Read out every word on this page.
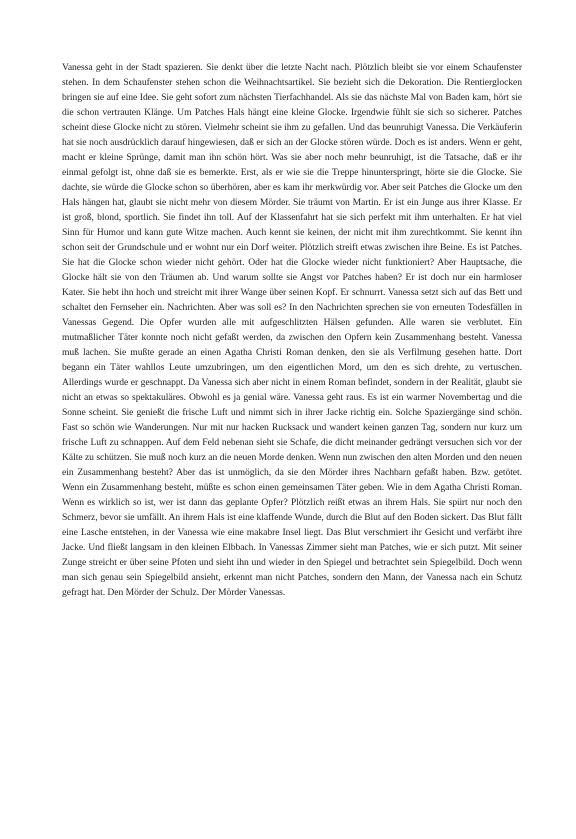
Vanessa geht in der Stadt spazieren. Sie denkt über die letzte Nacht nach. Plötzlich bleibt sie vor einem Schaufenster stehen. In dem Schaufenster stehen schon die Weihnachtsartikel. Sie bezieht sich die Dekoration. Die Rentierglocken bringen sie auf eine Idee. Sie geht sofort zum nächsten Tierfachhandel. Als sie das nächste Mal von Baden kam, hört sie die schon vertrauten Klänge. Um Patches Hals hängt eine kleine Glocke. Irgendwie fühlt sie sich so sicherer. Patches scheint diese Glocke nicht zu stören. Vielmehr scheint sie ihm zu gefallen. Und das beunruhigt Vanessa. Die Verkäuferin hat sie noch ausdrücklich darauf hingewiesen, daß er sich an der Glocke stören würde. Doch es ist anders. Wenn er geht, macht er kleine Sprünge, damit man ihn schön hört. Was sie aber noch mehr beunruhigt, ist die Tatsache, daß er ihr einmal gefolgt ist, ohne daß sie es bemerkte. Erst, als er wie sie die Treppe hinunterspringt, hörte sie die Glocke. Sie dachte, sie würde die Glocke schon so überhören, aber es kam ihr merkwürdig vor. Aber seit Patches die Glocke um den Hals hängen hat, glaubt sie nicht mehr von diesem Mörder. Sie träumt von Martin. Er ist ein Junge aus ihrer Klasse. Er ist groß, blond, sportlich. Sie findet ihn toll. Auf der Klassenfahrt hat sie sich perfekt mit ihm unterhalten. Er hat viel Sinn für Humor und kann gute Witze machen. Auch kennt sie keinen, der nicht mit ihm zurechtkommt. Sie kennt ihn schon seit der Grundschule und er wohnt nur ein Dorf weiter. Plötzlich streift etwas zwischen ihre Beine. Es ist Patches. Sie hat die Glocke schon wieder nicht gehört. Oder hat die Glocke wieder nicht funktioniert? Aber Hauptsache, die Glocke hält sie von den Träumen ab. Und warum sollte sie Angst vor Patches haben? Er ist doch nur ein harmloser Kater. Sie hebt ihn hoch und streicht mit ihrer Wange über seinen Kopf. Er schnurrt. Vanessa setzt sich auf das Bett und schaltet den Fernseher ein. Nachrichten. Aber was soll es? In den Nachrichten sprechen sie von erneuten Todesfällen in Vanessas Gegend. Die Opfer wurden alle mit aufgeschlitzten Hälsen gefunden. Alle waren sie verblutet. Ein mutmaßlicher Täter konnte noch nicht gefaßt werden, da zwischen den Opfern kein Zusammenhang besteht. Vanessa muß lachen. Sie mußte gerade an einen Agatha Christi Roman denken, den sie als Verfilmung gesehen hatte. Dort begann ein Täter wahllos Leute umzubringen, um den eigentlichen Mord, um den es sich drehte, zu vertuschen. Allerdings wurde er geschnappt. Da Vanessa sich aber nicht in einem Roman befindet, sondern in der Realität, glaubt sie nicht an etwas so spektakuläres. Obwohl es ja genial wäre. Vanessa geht raus. Es ist ein warmer Novembertag und die Sonne scheint. Sie genießt die frische Luft und nimmt sich in ihrer Jacke richtig ein. Solche Spaziergänge sind schön. Fast so schön wie Wanderungen. Nur mit nur hacken Rucksack und wandert keinen ganzen Tag, sondern nur kurz um frische Luft zu schnappen. Auf dem Feld nebenan sieht sie Schafe, die dicht meinander gedrängt versuchen sich vor der Kälte zu schützen. Sie muß noch kurz an die neuen Morde denken. Wenn nun zwischen den alten Morden und den neuen ein Zusammenhang besteht? Aber das ist unmöglich, da sie den Mörder ihres Nachbarn gefaßt haben. Bzw. getötet. Wenn ein Zusammenhang besteht, müßte es schon einen gemeinsamen Täter geben. Wie in dem Agatha Christi Roman. Wenn es wirklich so ist, wer ist dann das geplante Opfer? Plötzlich reißt etwas an ihrem Hals. Sie spürt nur noch den Schmerz, bevor sie umfällt. An ihrem Hals ist eine klaffende Wunde, durch die Blut auf den Boden sickert. Das Blut fällt eine Lasche entstehen, in der Vanessa wie eine makabre Insel liegt. Das Blut verschmiert ihr Gesicht und verfärbt ihre Jacke. Und fließt langsam in den kleinen Elbbach. In Vanessas Zimmer sieht man Patches, wie er sich putzt. Mit seiner Zunge streicht er über seine Pfoten und sieht ihn und wieder in den Spiegel und betrachtet sein Spiegelbild. Doch wenn man sich genau sein Spiegelbild ansieht, erkennt man nicht Patches, sondern den Mann, der Vanessa nach ein Schutz gefragt hat. Den Mörder der Schulz. Der Mörder Vanessas.
